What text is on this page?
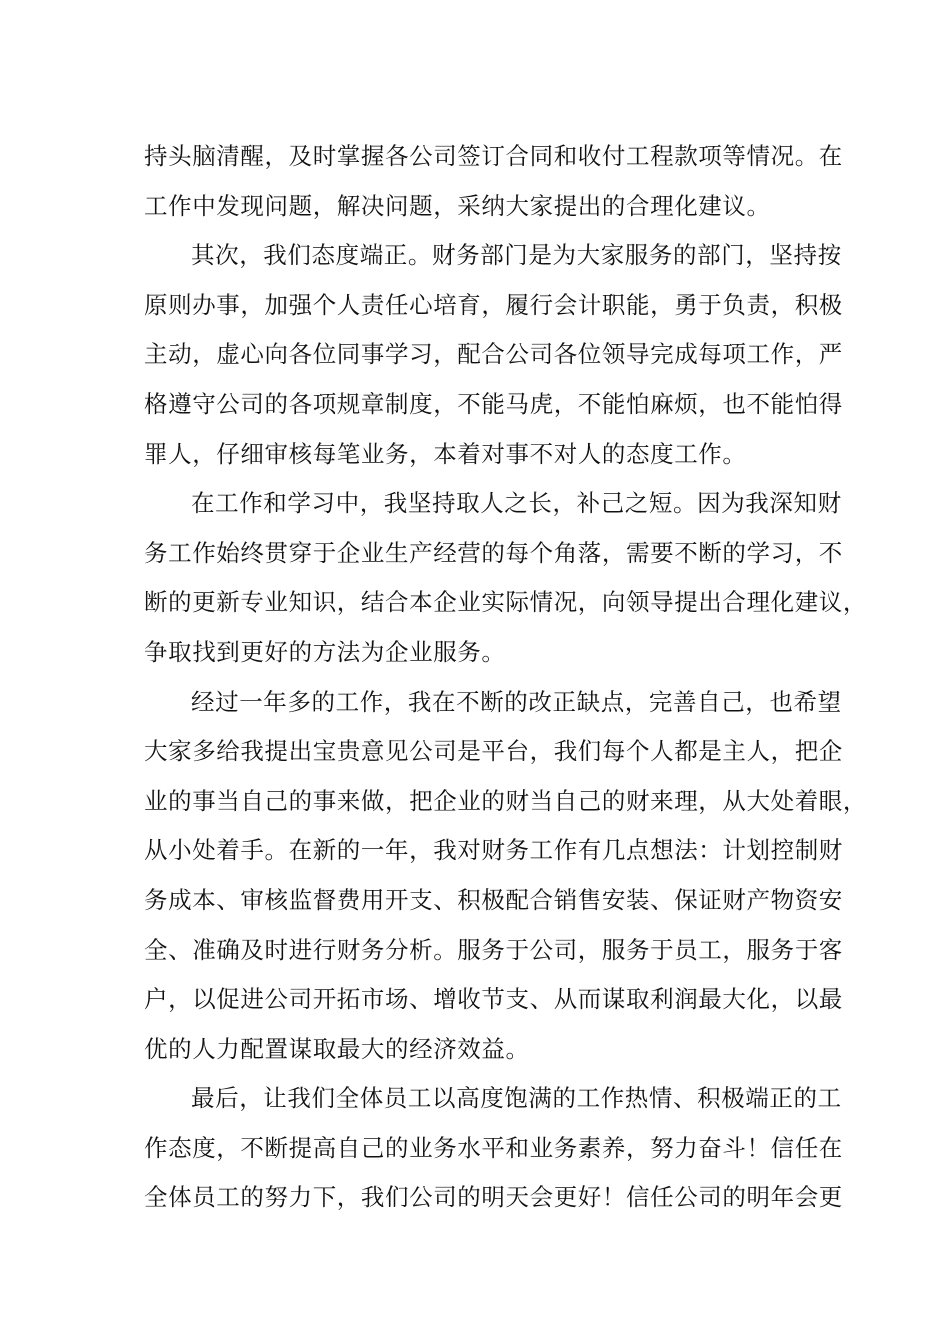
持头脑清醒，及时掌握各公司签订合同和收付工程款项等情况。在
工作中发现问题，解决问题，采纳大家提出的合理化建议。
其次，我们态度端正。财务部门是为大家服务的部门，坚持按
原则办事，加强个人责任心培育，履行会计职能，勇于负责，积极
主动，虚心向各位同事学习，配合公司各位领导完成每项工作，严
格遵守公司的各项规章制度，不能马虎，不能怕麻烦，也不能怕得
罪人，仔细审核每笔业务，本着对事不对人的态度工作。
在工作和学习中，我坚持取人之长，补己之短。因为我深知财
务工作始终贯穿于企业生产经营的每个角落，需要不断的学习，不
断的更新专业知识，结合本企业实际情况，向领导提出合理化建议，
争取找到更好的方法为企业服务。
经过一年多的工作，我在不断的改正缺点，完善自己，也希望
大家多给我提出宝贵意见公司是平台，我们每个人都是主人，把企
业的事当自己的事来做，把企业的财当自己的财来理，从大处着眼，
从小处着手。在新的一年，我对财务工作有几点想法：计划控制财
务成本、审核监督费用开支、积极配合销售安装、保证财产物资安
全、准确及时进行财务分析。服务于公司，服务于员工，服务于客
户，以促进公司开拓市场、增收节支、从而谋取利润最大化，以最
优的人力配置谋取最大的经济效益。
最后，让我们全体员工以高度饱满的工作热情、积极端正的工
作态度，不断提高自己的业务水平和业务素养，努力奋斗！信任在
全体员工的努力下，我们公司的明天会更好！信任公司的明年会更
